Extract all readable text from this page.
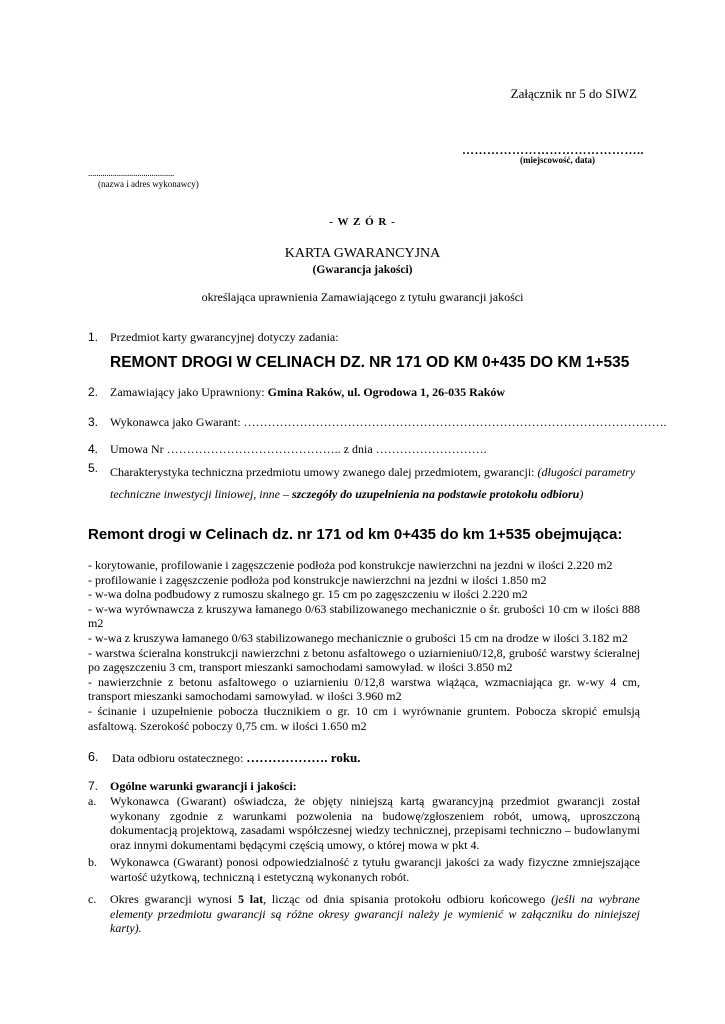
Załącznik nr 5 do SIWZ
……………………………………..
(miejscowość, data)
..........................................
(nazwa i adres wykonawcy)
- W Z Ó R -
KARTA GWARANCYJNA
(Gwarancja jakości)
określająca uprawnienia Zamawiającego z tytułu gwarancji jakości
1. Przedmiot karty gwarancyjnej dotyczy zadania:
REMONT DROGI W CELINACH DZ. NR 171 OD KM 0+435 DO KM 1+535
2. Zamawiający jako Uprawniony: Gmina Raków, ul. Ogrodowa 1, 26-035 Raków
3. Wykonawca jako Gwarant: …………………………………………………………………………………………….
4. Umowa Nr …………………………………….. z dnia ……………………….
5. Charakterystyka techniczna przedmiotu umowy zwanego dalej przedmiotem, gwarancji: (długości parametry techniczne inwestycji liniowej, inne – szczegóły do uzupełnienia na podstawie protokołu odbioru)
Remont drogi w Celinach dz. nr 171 od km 0+435 do km 1+535 obejmująca:
- korytowanie, profilowanie i zagęszczenie podłoża pod konstrukcje nawierzchni na jezdni w ilości 2.220 m2
- profilowanie i zagęszczenie podłoża pod konstrukcje nawierzchni na jezdni w ilości 1.850 m2
- w-wa dolna podbudowy z rumoszu skalnego gr. 15 cm po zagęszczeniu w ilości 2.220 m2
- w-wa wyrównawcza z kruszywa łamanego 0/63 stabilizowanego mechanicznie o śr. grubości 10 cm w ilości 888 m2
- w-wa z kruszywa łamanego 0/63 stabilizowanego mechanicznie o grubości 15 cm na drodze w ilości 3.182 m2
- warstwa ścieralna konstrukcji nawierzchni z betonu asfaltowego o uziarnieniu0/12,8, grubość warstwy ścieralnej po zagęszczeniu 3 cm, transport mieszanki samochodami samowyład. w ilości 3.850 m2
- nawierzchnie z betonu asfaltowego o uziarnieniu 0/12,8 warstwa wiążąca, wzmacniająca gr. w-wy 4 cm, transport mieszanki samochodami samowyład. w ilości 3.960 m2
- ścinanie i uzupełnienie pobocza tłucznikiem o gr. 10 cm i wyrównanie gruntem. Pobocza skropić emulsją asfaltową. Szerokość poboczy 0,75 cm. w ilości 1.650 m2
6. Data odbioru ostatecznego: ………………. roku.
7. Ogólne warunki gwarancji i jakości:
a. Wykonawca (Gwarant) oświadcza, że objęty niniejszą kartą gwarancyjną przedmiot gwarancji został wykonany zgodnie z warunkami pozwolenia na budowę/zgłoszeniem robót, umową, uproszczoną dokumentacją projektową, zasadami współczesnej wiedzy technicznej, przepisami techniczno – budowlanymi oraz innymi dokumentami będącymi częścią umowy, o której mowa w pkt 4.
b. Wykonawca (Gwarant) ponosi odpowiedzialność z tytułu gwarancji jakości za wady fizyczne zmniejszające wartość użytkową, techniczną i estetyczną wykonanych robót.
c. Okres gwarancji wynosi 5 lat, licząc od dnia spisania protokołu odbioru końcowego (jeśli na wybrane elementy przedmiotu gwarancji są różne okresy gwarancji należy je wymienić w załączniku do niniejszej karty).
